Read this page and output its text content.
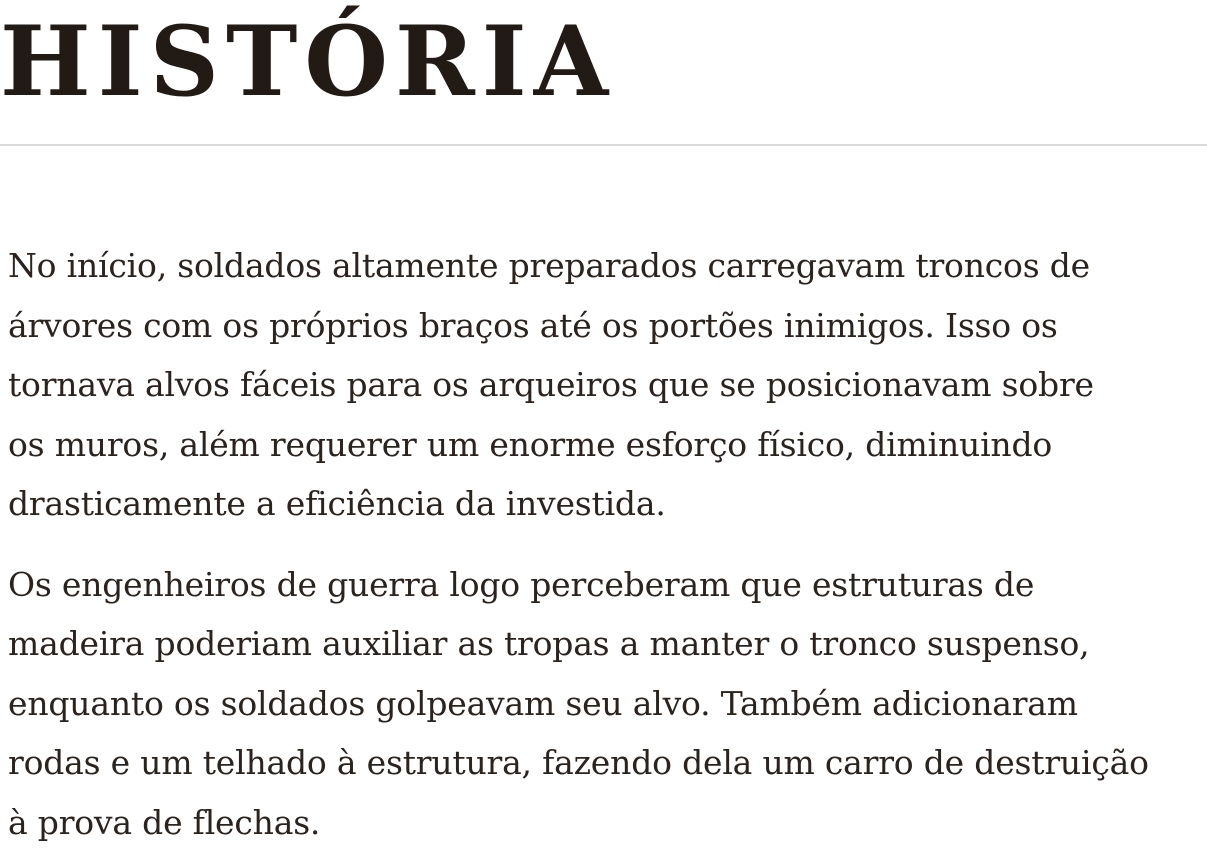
HISTÓRIA

No início, soldados altamente preparados carregavam troncos de
árvores com os próprios braços até os portões inimigos. Isso os
tornava alvos fáceis para os arqueiros que se posicionavam sobre
os muros, além requerer um enorme esforço físico, diminuindo
drasticamente a eficiência da investida.

Os engenheiros de guerra logo perceberam que estruturas de
madeira poderiam auxiliar as tropas a manter o tronco suspenso,
enquanto os soldados golpeavam seu alvo. Também adicionaram
rodas e um telhado à estrutura, fazendo dela um carro de destruição
à prova de flechas.
